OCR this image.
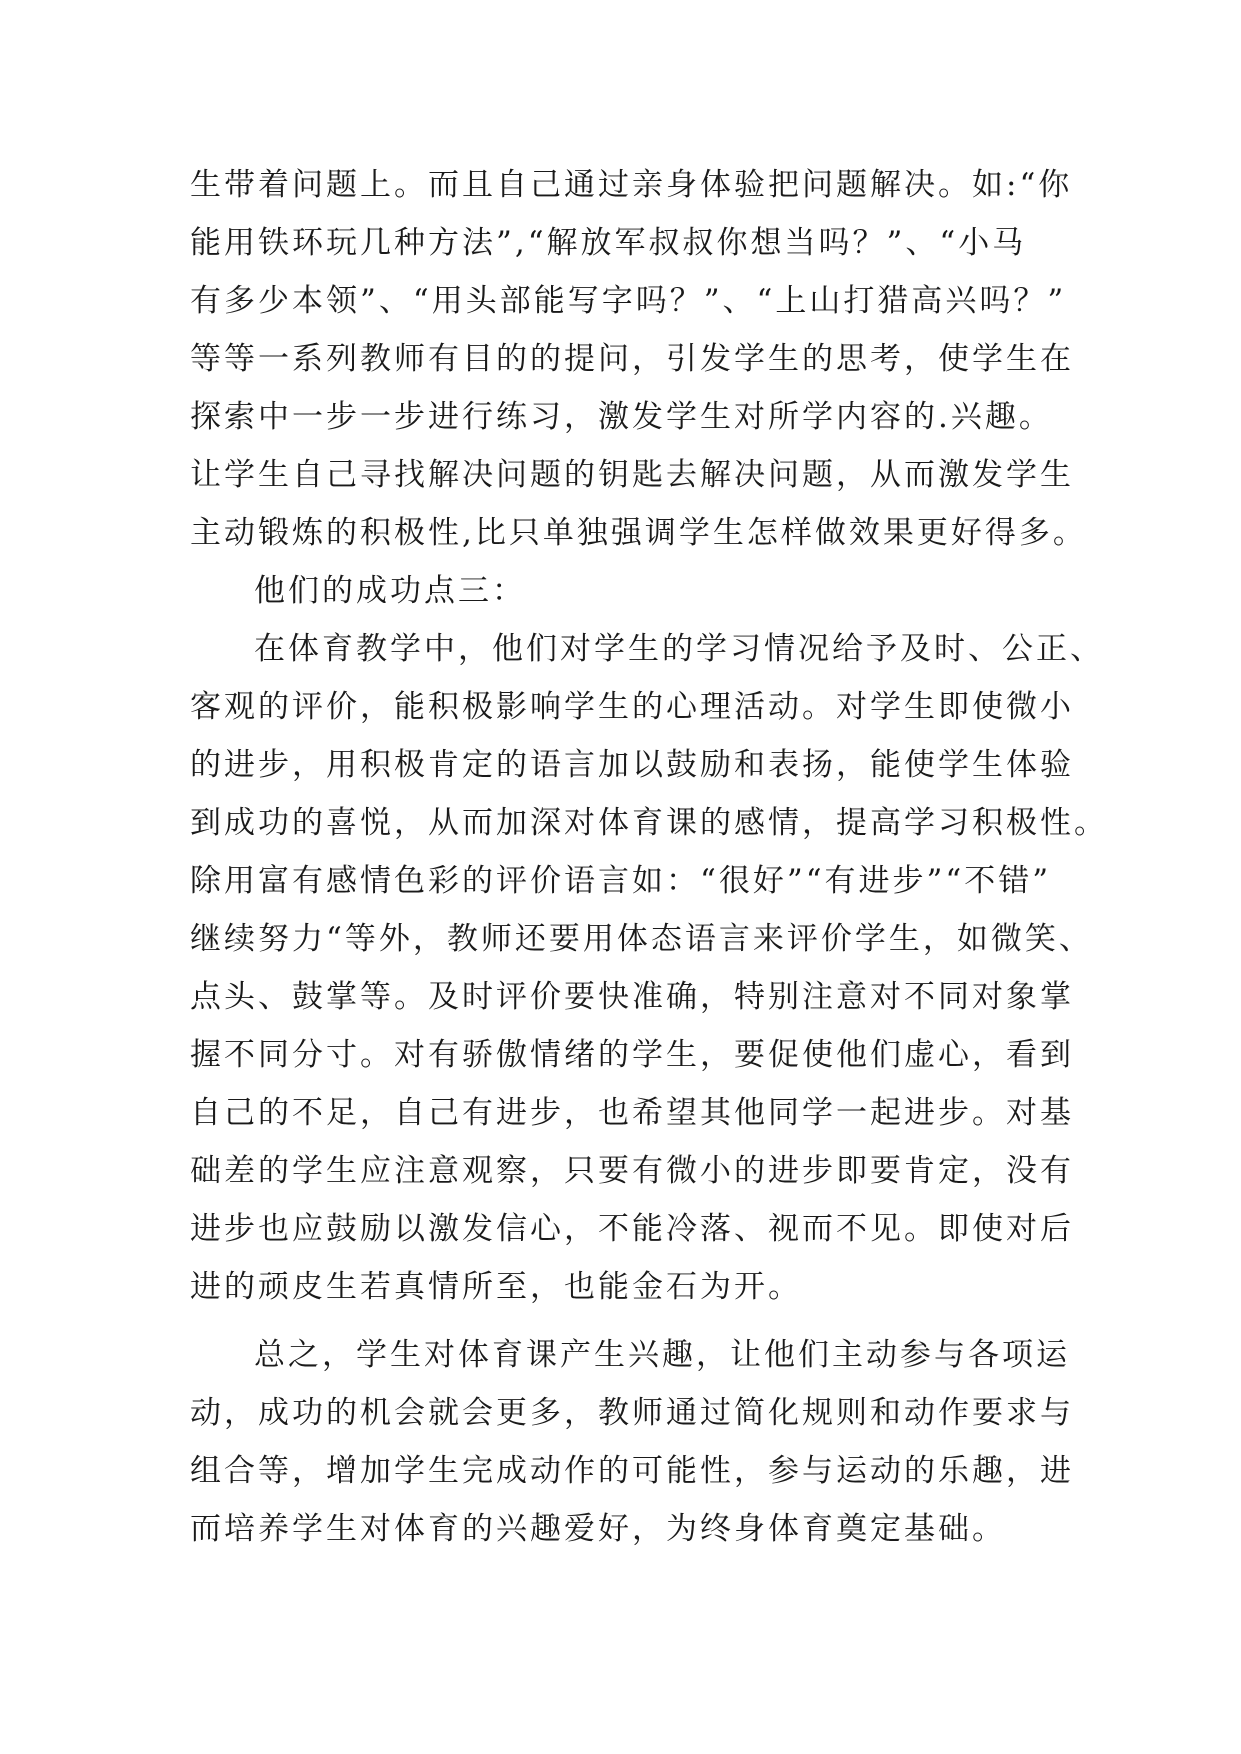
生带着问题上。而且自己通过亲身体验把问题解决。如:“你
能用铁环玩几种方法”,“解放军叔叔你想当吗？”、“小马
有多少本领”、“用头部能写字吗？”、“上山打猎高兴吗？”
等等一系列教师有目的的提问，引发学生的思考，使学生在
探索中一步一步进行练习，激发学生对所学内容的.兴趣。
让学生自己寻找解决问题的钥匙去解决问题，从而激发学生
主动锻炼的积极性,比只单独强调学生怎样做效果更好得多。
他们的成功点三：
在体育教学中，他们对学生的学习情况给予及时、公正、
客观的评价，能积极影响学生的心理活动。对学生即使微小
的进步，用积极肯定的语言加以鼓励和表扬，能使学生体验
到成功的喜悦，从而加深对体育课的感情，提高学习积极性。
除用富有感情色彩的评价语言如：“很好”“有进步”“不错”
继续努力“等外，教师还要用体态语言来评价学生，如微笑、
点头、鼓掌等。及时评价要快准确，特别注意对不同对象掌
握不同分寸。对有骄傲情绪的学生，要促使他们虚心，看到
自己的不足，自己有进步，也希望其他同学一起进步。对基
础差的学生应注意观察，只要有微小的进步即要肯定，没有
进步也应鼓励以激发信心，不能冷落、视而不见。即使对后
进的顽皮生若真情所至，也能金石为开。
总之，学生对体育课产生兴趣，让他们主动参与各项运
动，成功的机会就会更多，教师通过简化规则和动作要求与
组合等，增加学生完成动作的可能性，参与运动的乐趣，进
而培养学生对体育的兴趣爱好，为终身体育奠定基础。
